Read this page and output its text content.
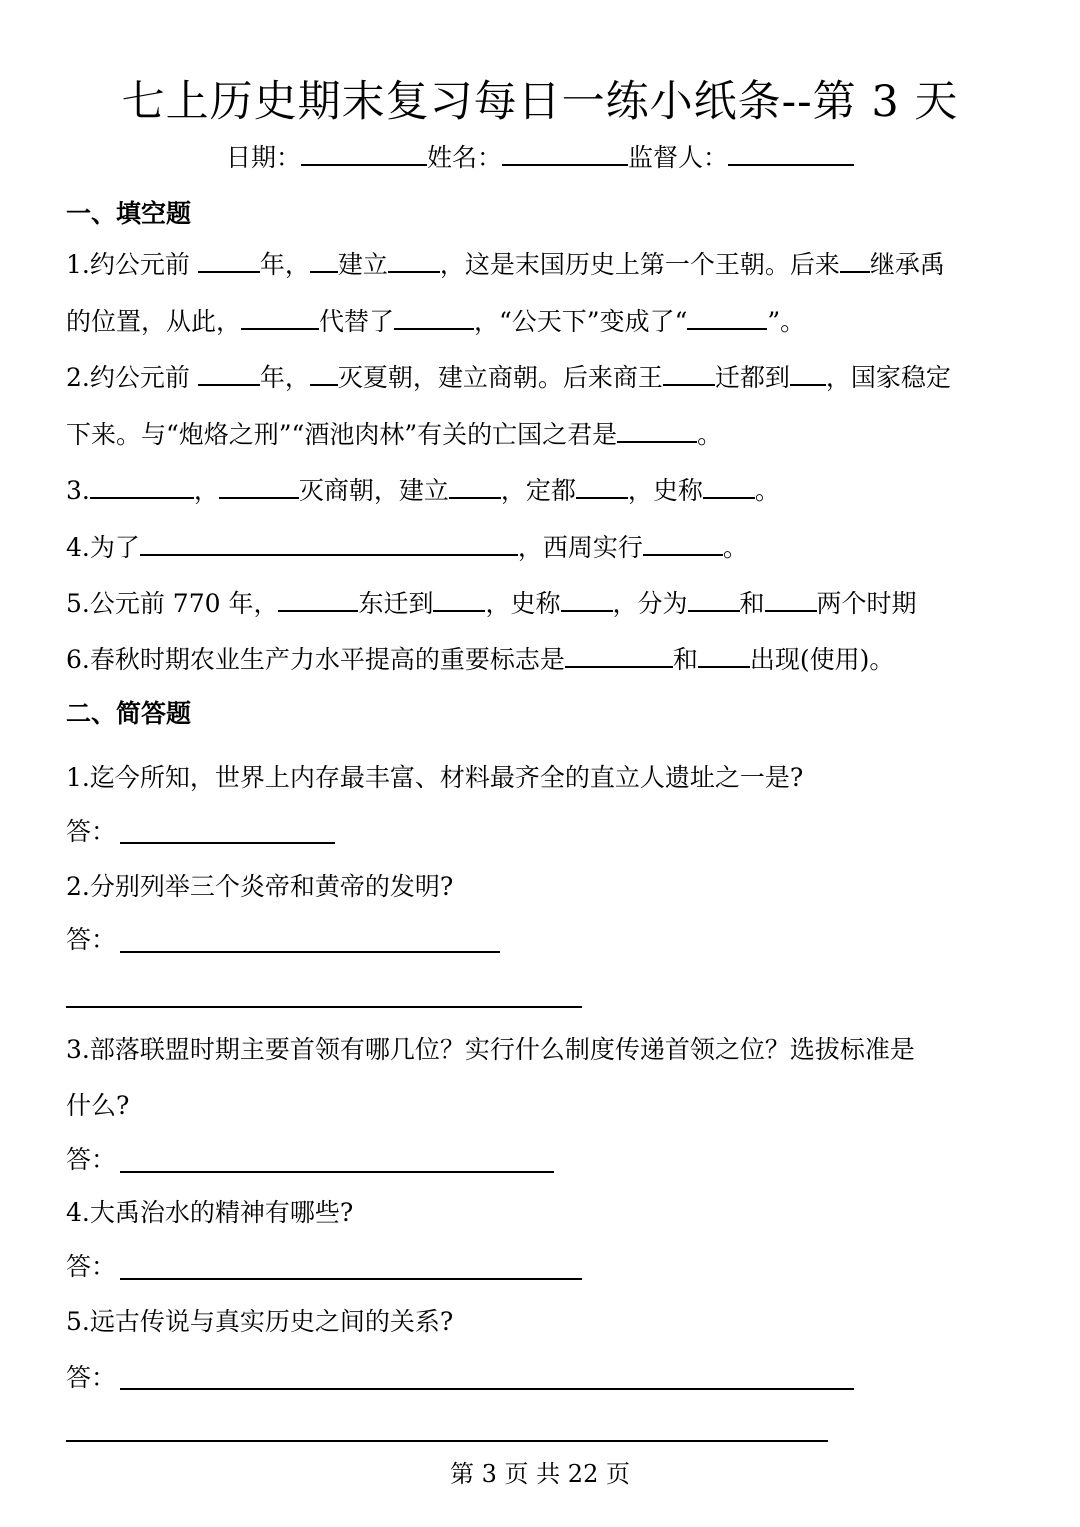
七上历史期末复习每日一练小纸条--第 3 天
日期：	姓名：	监督人：
一、填空题
1.约公元前 年， 建立 ，这是末国历史上第一个王朝。后来 继承禹
的位置，从此，	代替了	，“公天下”变成了“	”。
2.约公元前 年， 灭夏朝，建立商朝。后来商王 迁都到 ，国家稳定
下来。与“炮烙之刑”“酒池肉林”有关的亡国之君是	。
3.	，	灭商朝，建立 ，定都 ，史称 。
4.为了	，西周实行	。
5.公元前 770 年，	东迁到 ，史称 ，分为 和 两个时期
6.春秋时期农业生产力水平提高的重要标志是	和 出现(使用)。
二、简答题
1.迄今所知，世界上内存最丰富、材料最齐全的直立人遗址之一是?
答：
2.分别列举三个炎帝和黄帝的发明?
答：
3.部落联盟时期主要首领有哪几位？实行什么制度传递首领之位？选拔标准是
什么?
答：
4.大禹治水的精神有哪些?
答：
5.远古传说与真实历史之间的关系?
答：
第 3 页 共 22 页
